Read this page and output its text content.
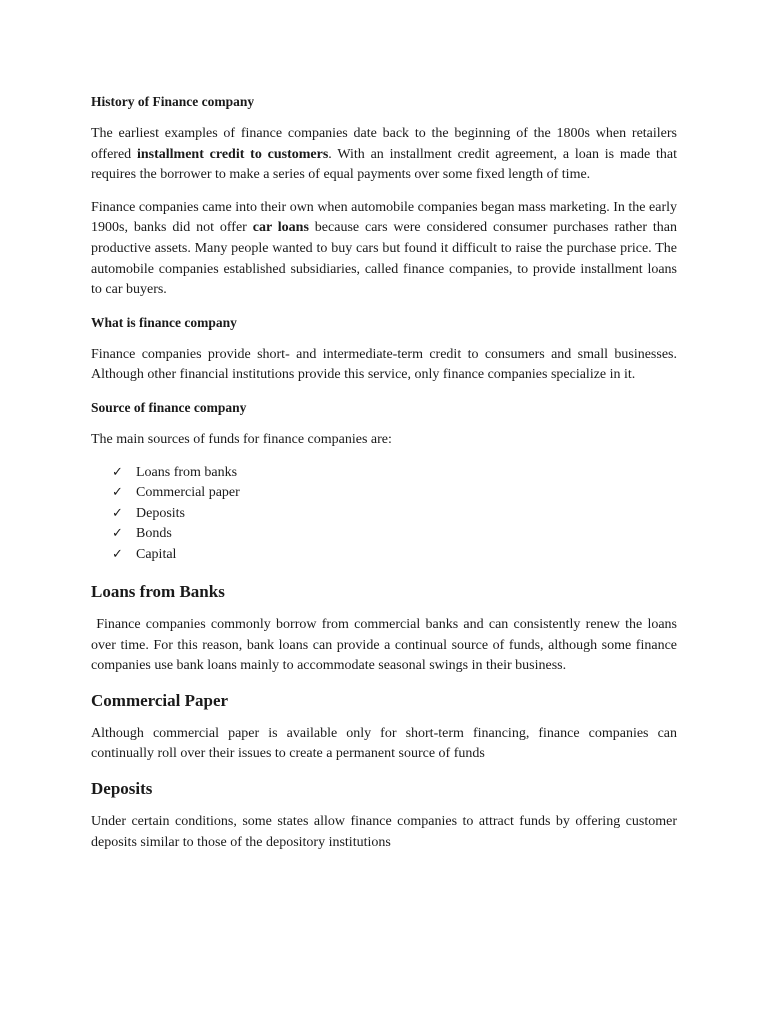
History of Finance company

The earliest examples of finance companies date back to the beginning of the 1800s when retailers offered installment credit to customers. With an installment credit agreement, a loan is made that requires the borrower to make a series of equal payments over some fixed length of time.

Finance companies came into their own when automobile companies began mass marketing. In the early 1900s, banks did not offer car loans because cars were considered consumer purchases rather than productive assets. Many people wanted to buy cars but found it difficult to raise the purchase price. The automobile companies established subsidiaries, called finance companies, to provide installment loans to car buyers.

What is finance company

Finance companies provide short- and intermediate-term credit to consumers and small businesses. Although other financial institutions provide this service, only finance companies specialize in it.

Source of finance company

The main sources of funds for finance companies are:

✓ Loans from banks
✓ Commercial paper
✓ Deposits
✓ Bonds
✓ Capital
Loans from Banks

Finance companies commonly borrow from commercial banks and can consistently renew the loans over time. For this reason, bank loans can provide a continual source of funds, although some finance companies use bank loans mainly to accommodate seasonal swings in their business.

Commercial Paper

Although commercial paper is available only for short-term financing, finance companies can continually roll over their issues to create a permanent source of funds

Deposits

Under certain conditions, some states allow finance companies to attract funds by offering customer deposits similar to those of the depository institutions
